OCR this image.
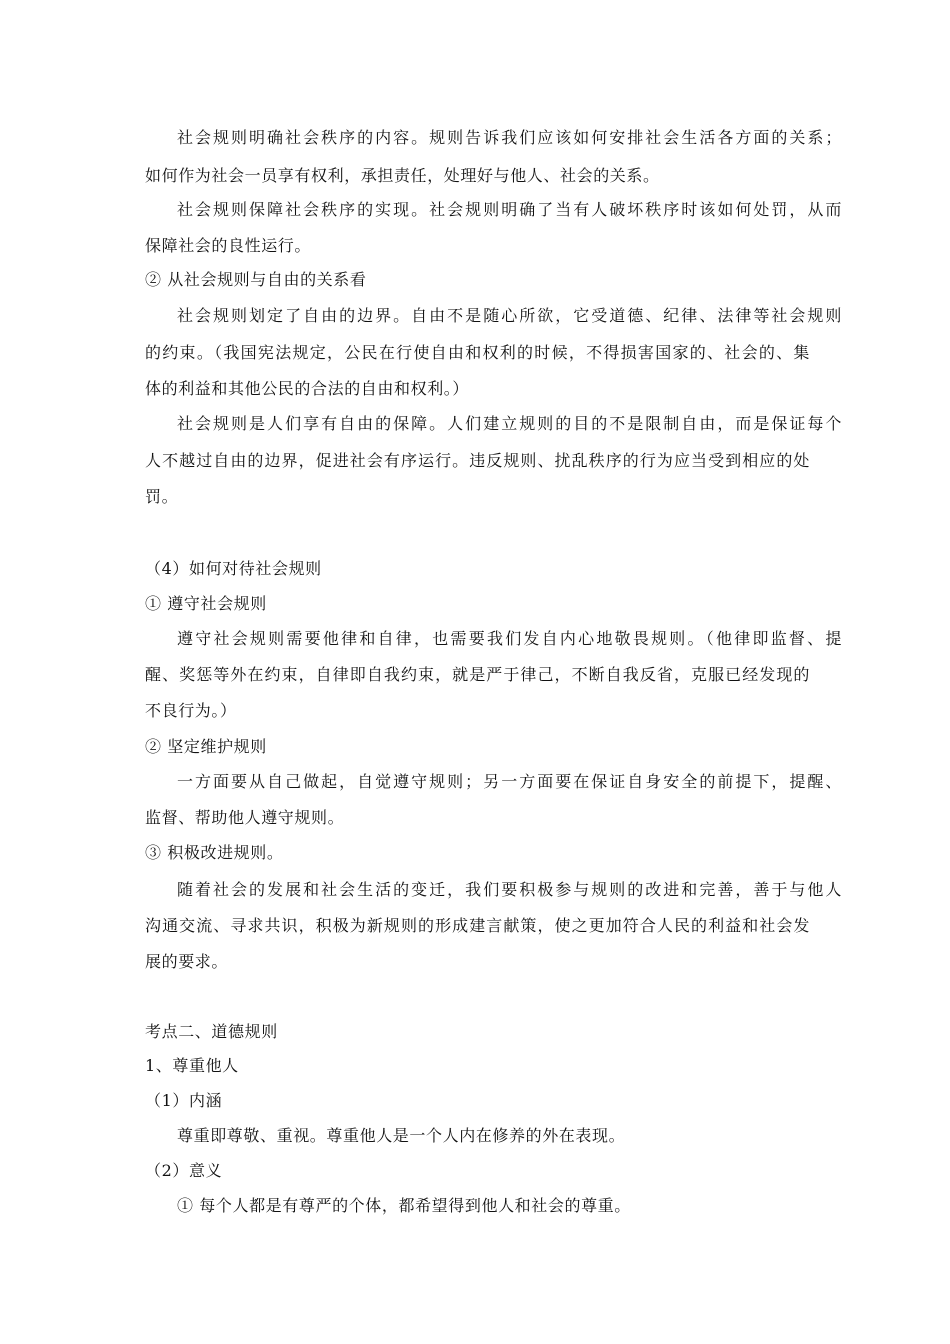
社会规则明确社会秩序的内容。规则告诉我们应该如何安排社会生活各方面的关系；
如何作为社会一员享有权利，承担责任，处理好与他人、社会的关系。
社会规则保障社会秩序的实现。社会规则明确了当有人破坏秩序时该如何处罚，从而
保障社会的良性运行。
② 从社会规则与自由的关系看
社会规则划定了自由的边界。自由不是随心所欲，它受道德、纪律、法律等社会规则
的约束。（我国宪法规定，公民在行使自由和权利的时候，不得损害国家的、社会的、集
体的利益和其他公民的合法的自由和权利。）
社会规则是人们享有自由的保障。人们建立规则的目的不是限制自由，而是保证每个
人不越过自由的边界，促进社会有序运行。违反规则、扰乱秩序的行为应当受到相应的处
罚。
（4）如何对待社会规则
① 遵守社会规则
遵守社会规则需要他律和自律，也需要我们发自内心地敬畏规则。（他律即监督、提
醒、奖惩等外在约束，自律即自我约束，就是严于律己，不断自我反省，克服已经发现的
不良行为。）
② 坚定维护规则
一方面要从自己做起，自觉遵守规则；另一方面要在保证自身安全的前提下，提醒、
监督、帮助他人遵守规则。
③ 积极改进规则。
随着社会的发展和社会生活的变迁，我们要积极参与规则的改进和完善，善于与他人
沟通交流、寻求共识，积极为新规则的形成建言献策，使之更加符合人民的利益和社会发
展的要求。
考点二、道德规则
1、尊重他人
（1）内涵
尊重即尊敬、重视。尊重他人是一个人内在修养的外在表现。
（2）意义
① 每个人都是有尊严的个体，都希望得到他人和社会的尊重。
